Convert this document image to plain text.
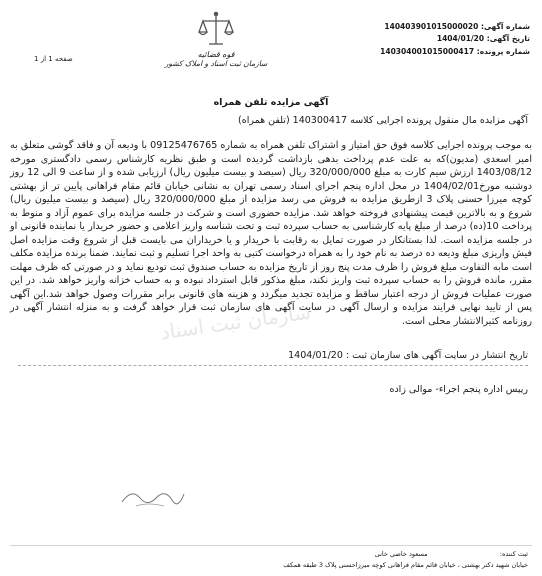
شماره آگهی: 140403901015000020
تاریخ آگهی: 1404/01/20
شماره پرونده: 140304001015000417
قوه قضائیه
سازمان ثبت اسناد و املاک کشور
صفحه 1 از 1
آگهی مزایده تلفن همراه
آگهی مزایده مال منقول پرونده اجرایی کلاسه 140300417 (تلفن همراه)
سازمان ثبت اسناد
به موجب پرونده اجرایی کلاسه فوق حق امتیاز و اشتراک تلفن همراه به شماره 09125476765 با ودیعه آن و فاقد گوشی متعلق به امیر اسعدی (مدیون)که به علت عدم پرداخت بدهی بازداشت گردیده است و طبق نظریه کارشناس رسمی دادگستری مورخه 1403/08/12 ارزش سیم کارت به مبلغ 320/000/000 ریال (سیصد و بیست میلیون ریال) ارزیابی شده و از ساعت 9 الی 12 روز دوشنبه مورخ1404/02/01 در محل اداره پنجم اجرای اسناد رسمی تهران به نشانی خیابان قائم مقام فراهانی پایین تر از بهشتی کوچه میرزا حسنی پلاک 3 ازطریق مزایده به فروش می رسد مزایده از مبلغ 320/000/000 ریال (سیصد و بیست میلیون ریال) شروع و به بالاترین قیمت پیشنهادی فروخته خواهد شد. مزایده حضوری است و شرکت در جلسه مزایده برای عموم آزاد و منوط به پرداخت 10(ده) درصد از مبلغ پایه کارشناسی به حساب سپرده ثبت و تحت شناسه واریز اعلامی و حضور خریدار یا نماینده قانونی او در جلسه مزایده است. لذا بستانکار در صورت تمایل به رقابت با خریدار و یا خریداران می بایست قبل از شروع وقت مزایده اصل فیش واریزی مبلغ ودیعه ده درصد به نام خود را به همراه درخواست کتبی به واحد اجرا تسلیم و ثبت نمایند. ضمنا برنده مزایده مکلف است مابه التفاوت مبلغ فروش را ظرف مدت پنج روز از تاریخ مزایده به حساب صندوق ثبت تودیع نماید و در صورتی که ظرف مهلت مقرر، مانده فروش را به حساب سپرده ثبت واریز نکند، مبلغ مذکور قابل استرداد نبوده و به حساب خزانه واریز خواهد شد. در این صورت عملیات فروش از درجه اعتبار ساقط و مزایده تجدید میگردد و هزینه های قانونی برابر مقررات وصول خواهد شد.این آگهی پس از تایید نهایی فرایند مزایده و ارسال آگهی در سایت آگهی های سازمان ثبت قرار خواهد گرفت و به منزله انتشار آگهی در روزنامه کثیرالانتشار محلی است.
تاریخ انتشار در سایت آگهی های سازمان ثبت : 1404/01/20
رییس اداره پنجم اجراء- موالی زاده
ثبت کننده: مسعود خاصی خانی
خیابان شهید دکتر بهشتی ، خیابان قائم مقام فراهانی کوچه میرزاحسنی پلاک 3 طبقه همکف
